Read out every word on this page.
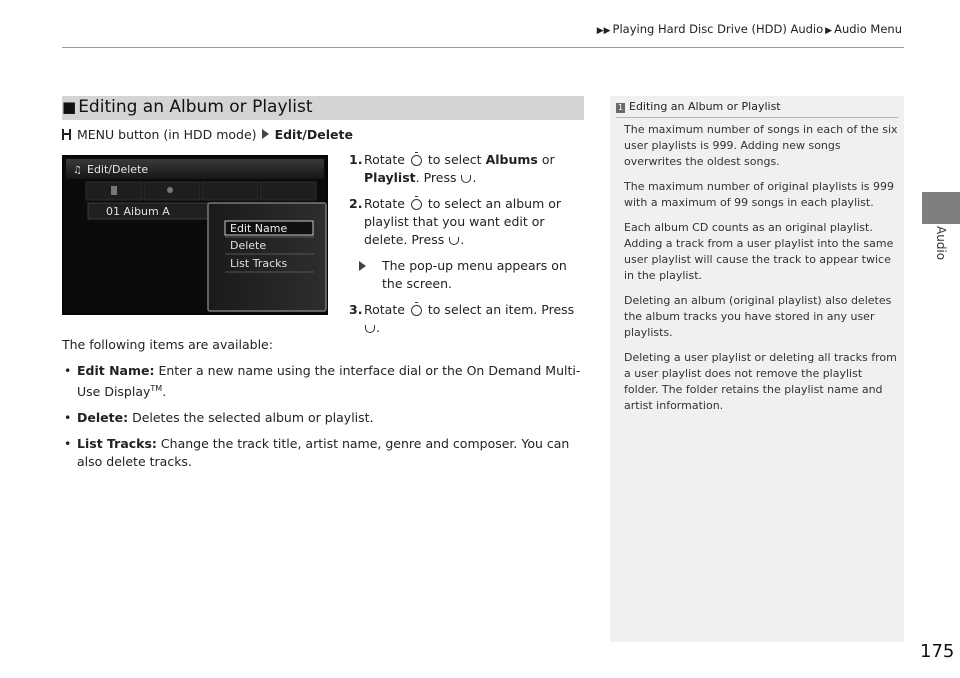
▶▶ Playing Hard Disc Drive (HDD) Audio ▶ Audio Menu
Audio
■ Editing an Album or Playlist
MENU button (in HDD mode) Edit/Delete
♫ Edit/Delete
01 Aibum A
Edit Name
Delete
List Tracks
1. Rotate to select Albums or Playlist. Press .
2. Rotate to select an album or playlist that you want edit or delete. Press .
The pop-up menu appears on the screen.
3. Rotate to select an item. Press .

The following items are available:

• Edit Name: Enter a new name using the interface dial or the On Demand Multi-Use Display™.
• Delete: Deletes the selected album or playlist.
• List Tracks: Change the track title, artist name, genre and composer. You can also delete tracks.
1 Editing an Album or Playlist

The maximum number of songs in each of the six user playlists is 999. Adding new songs overwrites the oldest songs.

The maximum number of original playlists is 999 with a maximum of 99 songs in each playlist.

Each album CD counts as an original playlist. Adding a track from a user playlist into the same user playlist will cause the track to appear twice in the playlist.

Deleting an album (original playlist) also deletes the album tracks you have stored in any user playlists.

Deleting a user playlist or deleting all tracks from a user playlist does not remove the playlist folder. The folder retains the playlist name and artist information.

175
